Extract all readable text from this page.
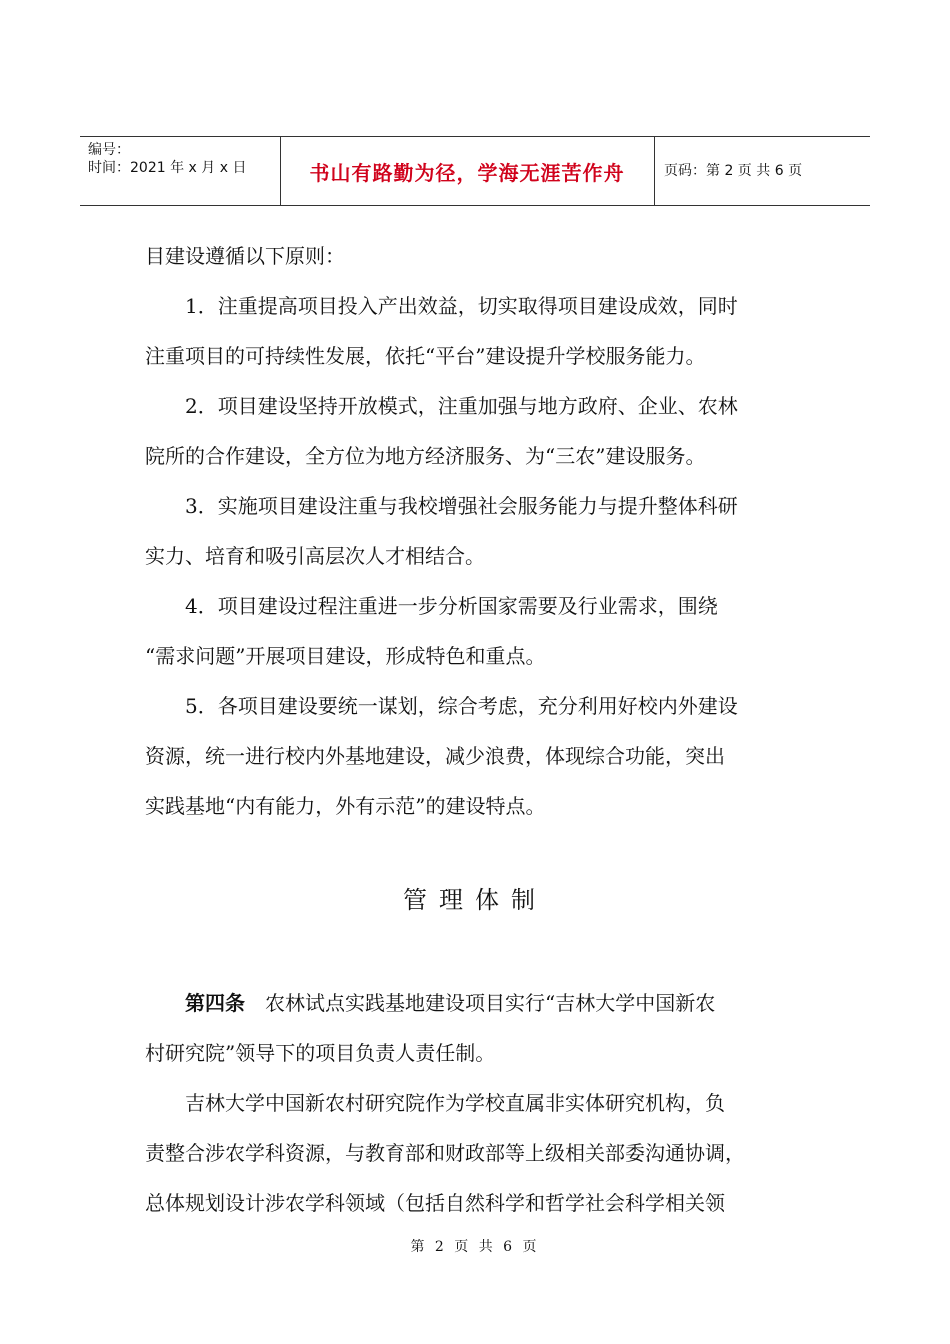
编号：
时间：2021 年 x 月 x 日	书山有路勤为径，学海无涯苦作舟	页码：第 2 页 共 6 页

目建设遵循以下原则：

1．注重提高项目投入产出效益，切实取得项目建设成效，同时
注重项目的可持续性发展，依托“平台”建设提升学校服务能力。

2．项目建设坚持开放模式，注重加强与地方政府、企业、农林
院所的合作建设，全方位为地方经济服务、为“三农”建设服务。

3．实施项目建设注重与我校增强社会服务能力与提升整体科研
实力、培育和吸引高层次人才相结合。

4．项目建设过程注重进一步分析国家需要及行业需求，围绕
“需求问题”开展项目建设，形成特色和重点。

5．各项目建设要统一谋划，综合考虑，充分利用好校内外建设
资源，统一进行校内外基地建设，减少浪费，体现综合功能，突出
实践基地“内有能力，外有示范”的建设特点。

管理体制

第四条　农林试点实践基地建设项目实行“吉林大学中国新农
村研究院”领导下的项目负责人责任制。

吉林大学中国新农村研究院作为学校直属非实体研究机构，负
责整合涉农学科资源，与教育部和财政部等上级相关部委沟通协调，
总体规划设计涉农学科领域（包括自然科学和哲学社会科学相关领

第 2 页 共 6 页
